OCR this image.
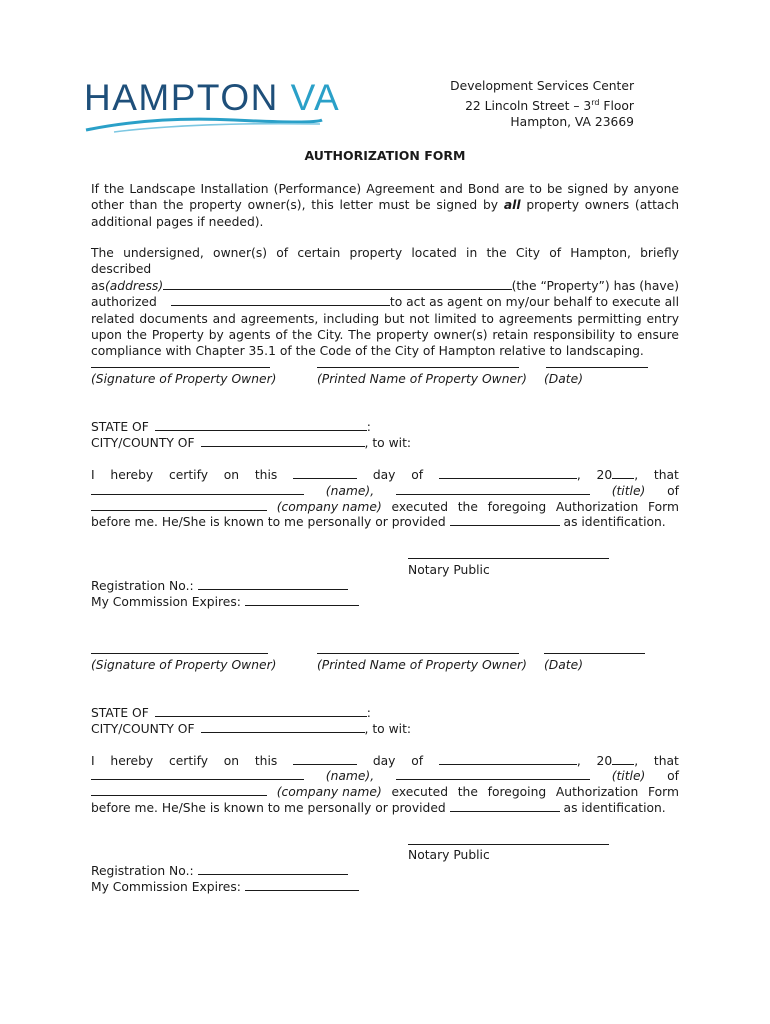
HAMPTON VA	Development Services Center
22 Lincoln Street – 3rd Floor
Hampton, VA 23669
AUTHORIZATION FORM
If the Landscape Installation (Performance) Agreement and Bond are to be signed by anyone other than the property owner(s), this letter must be signed by all property owners (attach additional pages if needed).
The undersigned, owner(s) of certain property located in the City of Hampton, briefly described
as (address)	(the “Property”) has (have)
authorized	to act as agent on my/our behalf to execute all
related documents and agreements, including but not limited to agreements permitting entry upon the Property by agents of the City. The property owner(s) retain responsibility to ensure compliance with Chapter 35.1 of the Code of the City of Hampton relative to landscaping.
(Signature of Property Owner)	(Printed Name of Property Owner) (Date)
STATE OF	:
CITY/COUNTY OF	, to wit:
I hereby certify on this	day of	, 20 , that
(name),	(title) of
(company name) executed the foregoing Authorization Form
before me. He/She is known to me personally or provided	as identification.
Notary Public
Registration No.:
My Commission Expires:
(Signature of Property Owner)	(Printed Name of Property Owner) (Date)
STATE OF	:
CITY/COUNTY OF	, to wit:
I hereby certify on this	day of	, 20 , that
(name),	(title) of
(company name) executed the foregoing Authorization Form
before me. He/She is known to me personally or provided	as identification.
Notary Public
Registration No.:
My Commission Expires:
